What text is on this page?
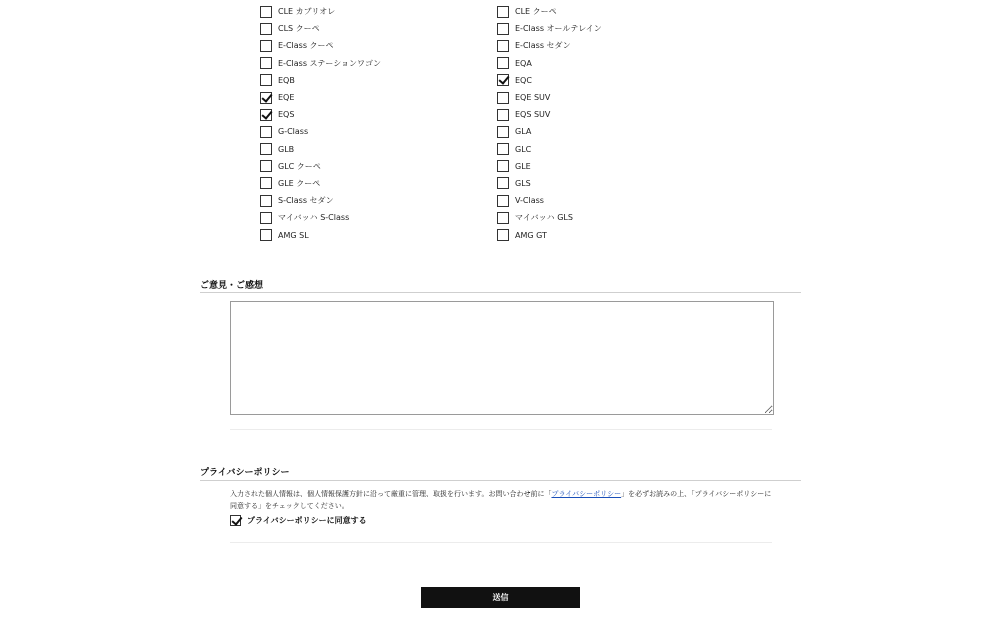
CLE カブリオレ
CLS クーペ
E-Class クーペ
E-Class ステーションワゴン
EQB
EQE
EQS
G-Class
GLB
GLC クーペ
GLE クーペ
S-Class セダン
マイバッハ S-Class
AMG SL
CLE クーペ
E-Class オールテレイン
E-Class セダン
EQA
EQC
EQE SUV
EQS SUV
GLA
GLC
GLE
GLS
V-Class
マイバッハ GLS
AMG GT
ご意見・ご感想
プライバシーポリシー

入力された個人情報は、個人情報保護方針に沿って厳重に管理、取扱を行います。お問い合わせ前に「プライバシーポリシー」を必ずお読みの上、「プライバシーポリシーに同意する」をチェックしてください。

プライバシーポリシーに同意する
送信
